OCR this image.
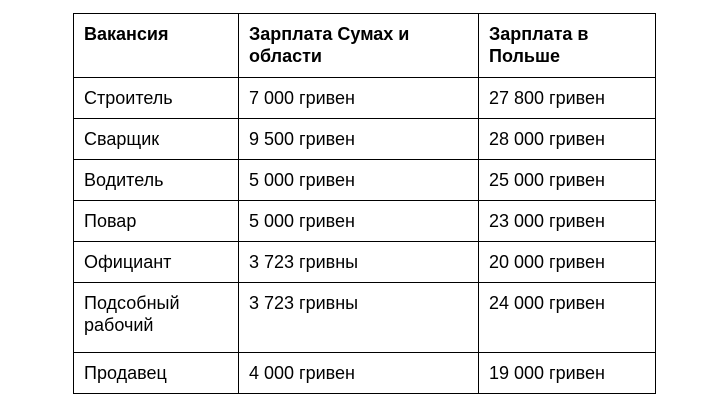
Вакансия	Зарплата Сумах и области	Зарплата в Польше
Строитель	7 000 гривен	27 800 гривен
Сварщик	9 500 гривен	28 000 гривен
Водитель	5 000 гривен	25 000 гривен
Повар	5 000 гривен	23 000 гривен
Официант	3 723 гривны	20 000 гривен
Подсобный рабочий	3 723 гривны	24 000 гривен
Продавец	4 000 гривен	19 000 гривен
